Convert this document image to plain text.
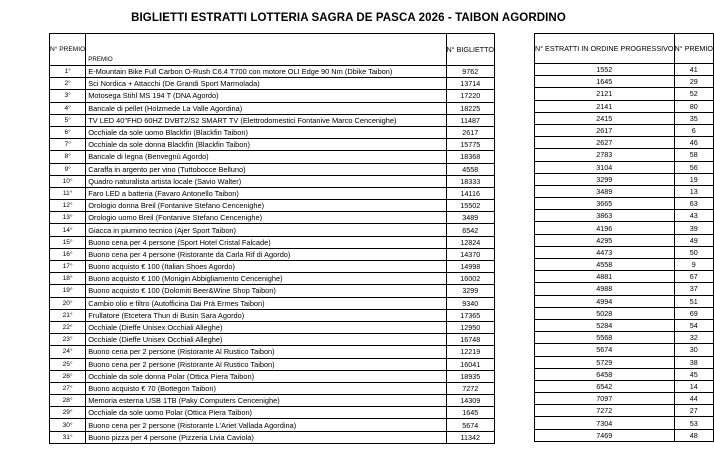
BIGLIETTI ESTRATTI LOTTERIA SAGRA DE PASCA 2026 - TAIBON AGORDINO
N° PREMIO	PREMIO	N° BIGLIETTO
1°	E-Mountain Bike Full Carbon O-Rush C6.4 T700 con motore OLI Edge 90 Nm (Dbike Taibon)	9762
2°	Sci Nordica + Attacchi (De Grandi Sport Marmolada)	13714
3°	Motosega Stihl MS 194 T (DNA Agordo)	17220
4°	Bancale di pellet (Holzmede La Valle Agordina)	18225
5°	TV LED 40"FHD 60HZ DVBT2/S2 SMART TV (Elettrodomestici Fontanive Marco Cencenighe)	11487
6°	Occhiale da sole uomo Blackfin (Blackfin Taibon)	2617
7°	Occhiale da sole donna Blackfin (Blackfin Taibon)	15775
8°	Bancale di legna (Benvegnù Agordo)	18368
9°	Caraffa in argento per vino (Tuttobocce Belluno)	4558
10°	Quadro naturalista artista locale (Savio Walter)	18333
11°	Faro LED a batteria (Favaro Antonello Taibon)	14116
12°	Orologio donna Breil (Fontanive Stefano Cencenighe)	15502
13°	Orologio uomo Breil (Fontanive Stefano Cencenighe)	3489
14°	Giacca in piumino tecnico (Ajer Sport Taibon)	6542
15°	Buono cena per 4 persone (Sport Hotel Cristal Falcade)	12824
16°	Buono cena per 4 persone (Ristorante da Carla Rif di Agordo)	14370
17°	Buono acquisto € 100 (Italian Shoes Agordo)	14998
18°	Buono acquisto € 100 (Monigin Abbigliamento Cencenighe)	16002
19°	Buono acquisto € 100 (Dolomiti Beer&Wine Shop Taibon)	3299
20°	Cambio olio e filtro (Autofficina Dai Prà Ermes Taibon)	9340
21°	Frullatore (Etcetera Thun di Busin Sara Agordo)	17365
22°	Occhiale (Dieffe Unisex Occhiali Alleghe)	12950
23°	Occhiale (Dieffe Unisex Occhiali Alleghe)	16748
24°	Buono cena per 2 persone (Ristorante Al Rustico Taibon)	12219
25°	Buono cena per 2 persone (Ristorante Al Rustico Taibon)	16041
26°	Occhiale da sole donna Polar (Ottica Piera Taibon)	18935
27°	Buono acquisto € 70 (Bottegon Taibon)	7272
28°	Memoria esterna USB 1TB (Paky Computers Cencenighe)	14309
29°	Occhiale da sole uomo Polar (Ottica Piera Taibon)	1645
30°	Buono cena per 2 persone (Ristorante L'Ariet Vallada Agordina)	5674
31°	Buono pizza per 4 persone (Pizzeria Livia Caviola)	11342
N° ESTRATTI IN ORDINE PROGRESSIVO	N° PREMIO
1552	41
1645	29
2121	52
2141	80
2415	35
2617	6
2627	46
2783	58
3104	56
3299	19
3489	13
3665	63
3863	43
4196	39
4295	49
4473	50
4558	9
4881	67
4988	37
4994	51
5028	69
5284	54
5568	32
5674	30
5729	38
6458	45
6542	14
7097	44
7272	27
7304	53
7469	48
